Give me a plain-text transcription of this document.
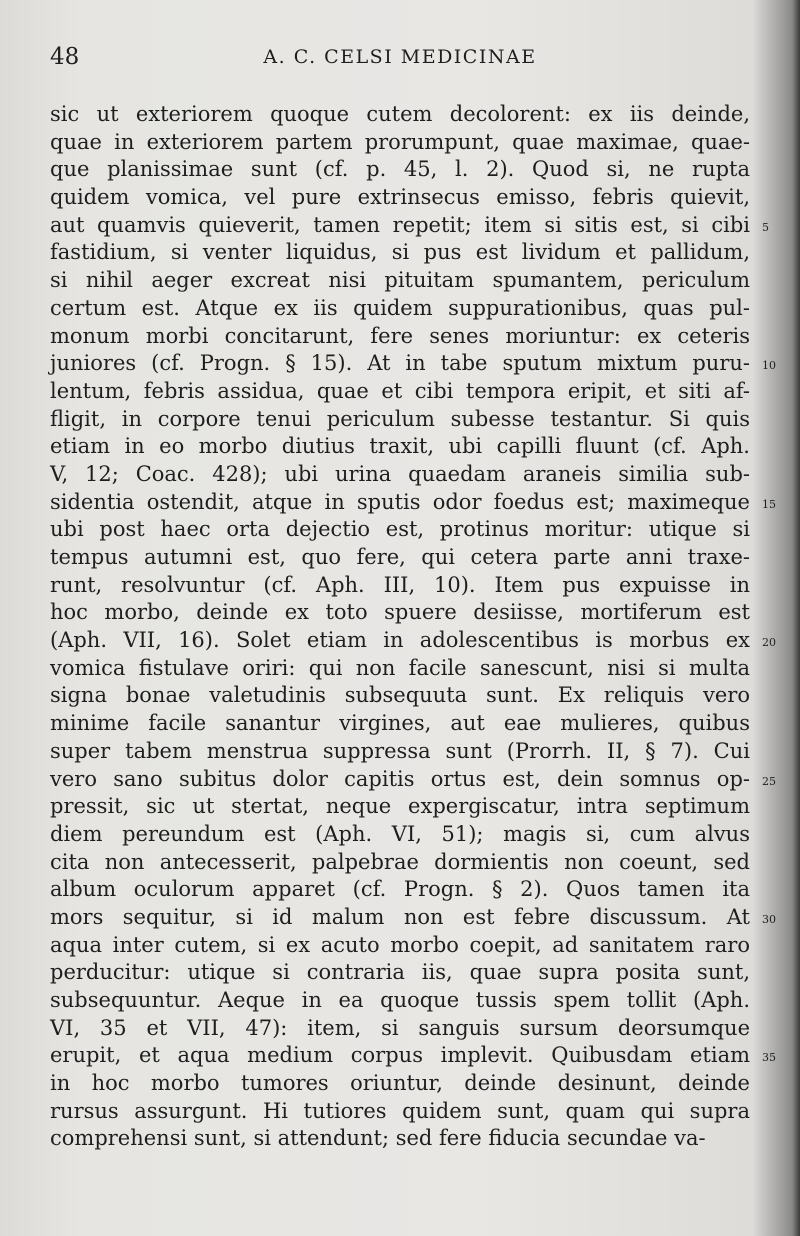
48	A. C. CELSI MEDICINAE
sic ut exteriorem quoque cutem decolorent: ex iis deinde,
quae in exteriorem partem prorumpunt, quae maximae, quae-
que planissimae sunt (cf. p. 45, l. 2). Quod si, ne rupta
quidem vomica, vel pure extrinsecus emisso, febris quievit,
aut quamvis quieverit, tamen repetit; item si sitis est, si cibi 5
fastidium, si venter liquidus, si pus est lividum et pallidum,
si nihil aeger excreat nisi pituitam spumantem, periculum
certum est. Atque ex iis quidem suppurationibus, quas pul-
monum morbi concitarunt, fere senes moriuntur: ex ceteris
juniores (cf. Progn. § 15). At in tabe sputum mixtum puru- 10
lentum, febris assidua, quae et cibi tempora eripit, et siti af-
fligit, in corpore tenui periculum subesse testantur. Si quis
etiam in eo morbo diutius traxit, ubi capilli fluunt (cf. Aph.
V, 12; Coac. 428); ubi urina quaedam araneis similia sub-
sidentia ostendit, atque in sputis odor foedus est; maximeque 15
ubi post haec orta dejectio est, protinus moritur: utique si
tempus autumni est, quo fere, qui cetera parte anni traxe-
runt, resolvuntur (cf. Aph. III, 10). Item pus expuisse in
hoc morbo, deinde ex toto spuere desiisse, mortiferum est
(Aph. VII, 16). Solet etiam in adolescentibus is morbus ex 20
vomica fistulave oriri: qui non facile sanescunt, nisi si multa
signa bonae valetudinis subsequuta sunt. Ex reliquis vero
minime facile sanantur virgines, aut eae mulieres, quibus
super tabem menstrua suppressa sunt (Prorrh. II, § 7). Cui
vero sano subitus dolor capitis ortus est, dein somnus op- 25
pressit, sic ut stertat, neque expergiscatur, intra septimum
diem pereundum est (Aph. VI, 51); magis si, cum alvus
cita non antecesserit, palpebrae dormientis non coeunt, sed
album oculorum apparet (cf. Progn. § 2). Quos tamen ita
mors sequitur, si id malum non est febre discussum. At 30
aqua inter cutem, si ex acuto morbo coepit, ad sanitatem raro
perducitur: utique si contraria iis, quae supra posita sunt,
subsequuntur. Aeque in ea quoque tussis spem tollit (Aph.
VI, 35 et VII, 47): item, si sanguis sursum deorsumque
erupit, et aqua medium corpus implevit. Quibusdam etiam 35
in hoc morbo tumores oriuntur, deinde desinunt, deinde
rursus assurgunt. Hi tutiores quidem sunt, quam qui supra
comprehensi sunt, si attendunt; sed fere fiducia secundae va-
